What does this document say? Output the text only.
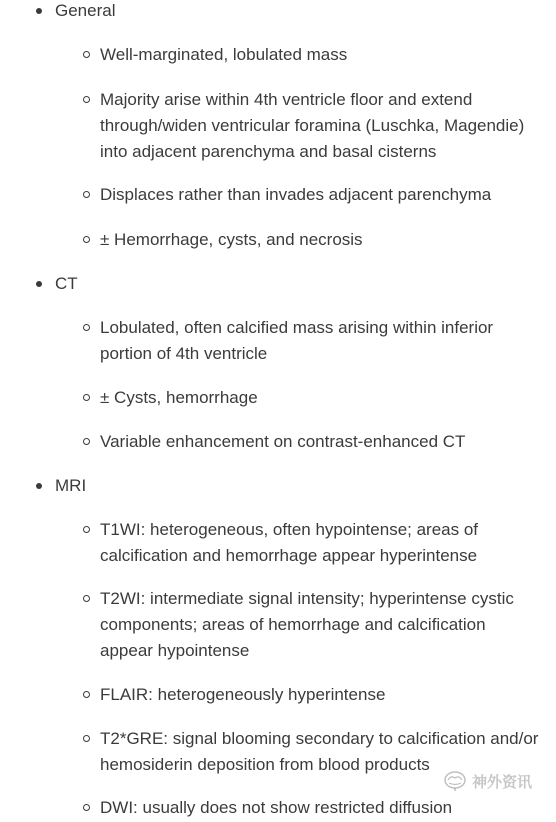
General
Well-marginated, lobulated mass
Majority arise within 4th ventricle floor and extend through/widen ventricular foramina (Luschka, Magendie) into adjacent parenchyma and basal cisterns
Displaces rather than invades adjacent parenchyma
± Hemorrhage, cysts, and necrosis
CT
Lobulated, often calcified mass arising within inferior portion of 4th ventricle
± Cysts, hemorrhage
Variable enhancement on contrast-enhanced CT
MRI
T1WI: heterogeneous, often hypointense; areas of calcification and hemorrhage appear hyperintense
T2WI: intermediate signal intensity; hyperintense cystic components; areas of hemorrhage and calcification appear hypointense
FLAIR: heterogeneously hyperintense
T2*GRE: signal blooming secondary to calcification and/or hemosiderin deposition from blood products
DWI: usually does not show restricted diffusion
神外资讯
